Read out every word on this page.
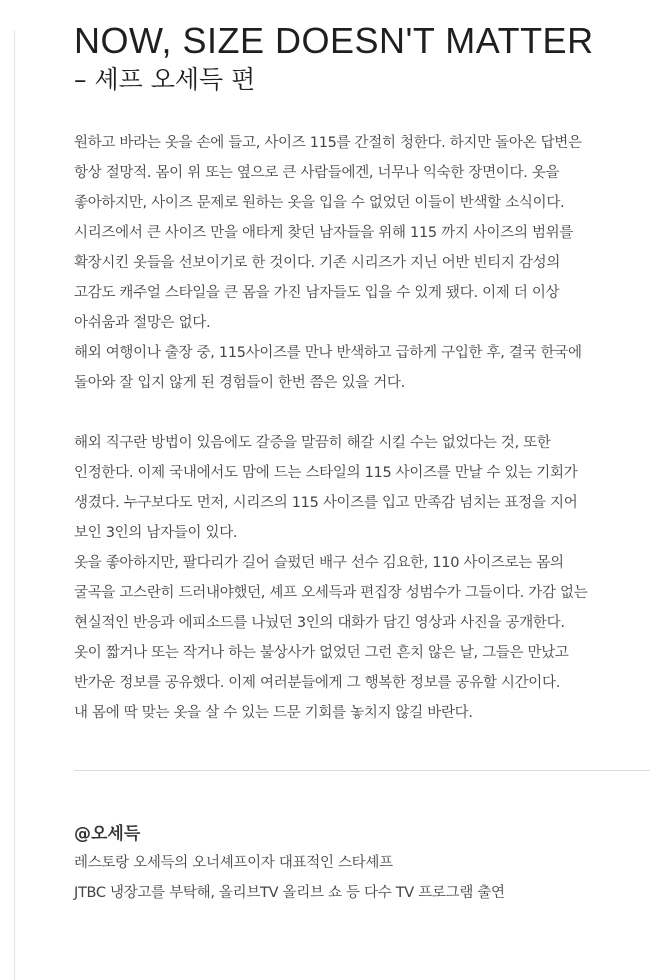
NOW, SIZE DOESN'T MATTER
– 셰프 오세득 편
원하고 바라는 옷을 손에 들고, 사이즈 115를 간절히 청한다. 하지만 돌아온 답변은
항상 절망적. 몸이 위 또는 옆으로 큰 사람들에겐, 너무나 익숙한 장면이다. 옷을
좋아하지만, 사이즈 문제로 원하는 옷을 입을 수 없었던 이들이 반색할 소식이다.
시리즈에서 큰 사이즈 만을 애타게 찾던 남자들을 위해 115 까지 사이즈의 범위를
확장시킨 옷들을 선보이기로 한 것이다. 기존 시리즈가 지닌 어반 빈티지 감성의
고감도 캐주얼 스타일을 큰 몸을 가진 남자들도 입을 수 있게 됐다. 이제 더 이상
아쉬움과 절망은 없다.
해외 여행이나 출장 중, 115사이즈를 만나 반색하고 급하게 구입한 후, 결국 한국에
돌아와 잘 입지 않게 된 경험들이 한번 쯤은 있을 거다.
해외 직구란 방법이 있음에도 갈증을 말끔히 해갈 시킬 수는 없었다는 것, 또한
인정한다. 이제 국내에서도 맘에 드는 스타일의 115 사이즈를 만날 수 있는 기회가
생겼다. 누구보다도 먼저, 시리즈의 115 사이즈를 입고 만족감 넘치는 표정을 지어
보인 3인의 남자들이 있다.
옷을 좋아하지만, 팔다리가 길어 슬펐던 배구 선수 김요한, 110 사이즈로는 몸의
굴곡을 고스란히 드러내야했던, 셰프 오세득과 편집장 성범수가 그들이다. 가감 없는
현실적인 반응과 에피소드를 나눴던 3인의 대화가 담긴 영상과 사진을 공개한다.
옷이 짧거나 또는 작거나 하는 불상사가 없었던 그런 흔치 않은 날, 그들은 만났고
반가운 정보를 공유했다. 이제 여러분들에게 그 행복한 정보를 공유할 시간이다.
내 몸에 딱 맞는 옷을 살 수 있는 드문 기회를 놓치지 않길 바란다.
@오세득
레스토랑 오세득의 오너셰프이자 대표적인 스타셰프
JTBC 냉장고를 부탁해, 올리브TV 올리브 쇼 등 다수 TV 프로그램 출연
